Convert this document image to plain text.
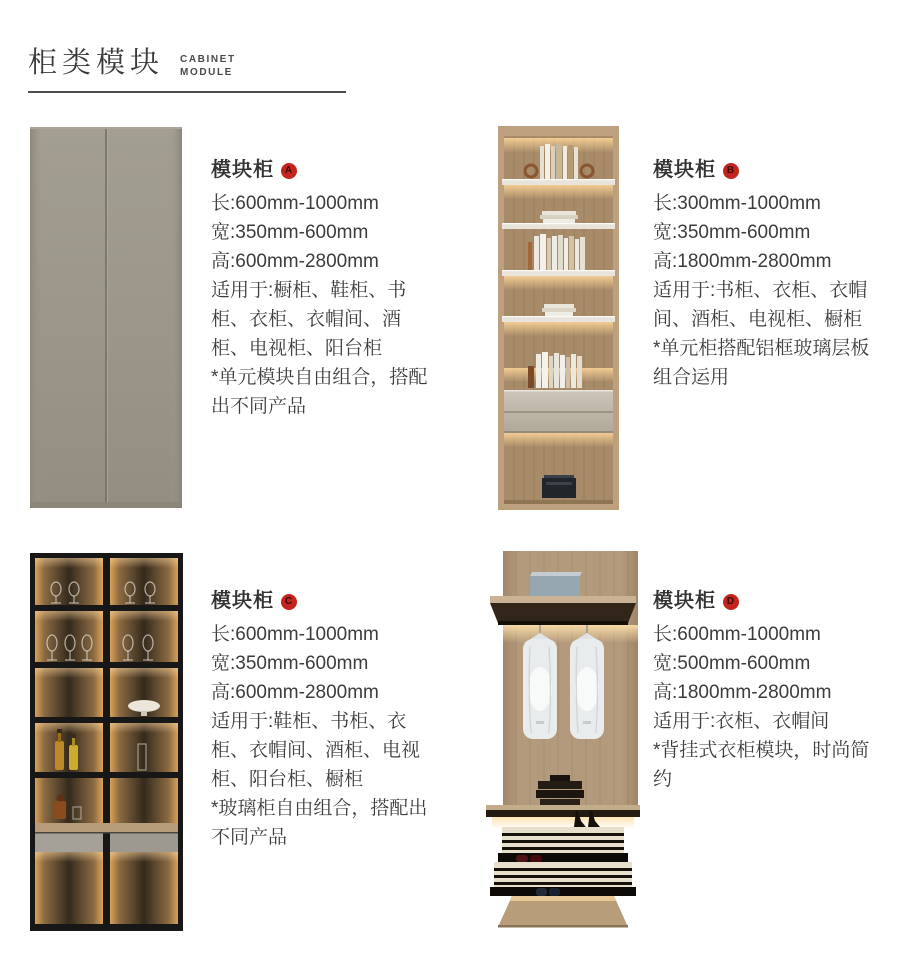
柜类模块 CABINET
MODULE
模块柜	A
长:600mm-1000mm
宽:350mm-600mm
高:600mm-2800mm
适用于:橱柜、鞋柜、书柜、衣柜、衣帽间、酒柜、电视柜、阳台柜
*单元模块自由组合，搭配出不同产品
模块柜	B
长:300mm-1000mm
宽:350mm-600mm
高:1800mm-2800mm
适用于:书柜、衣柜、衣帽间、酒柜、电视柜、橱柜
*单元柜搭配铝框玻璃层板组合运用
模块柜	C
长:600mm-1000mm
宽:350mm-600mm
高:600mm-2800mm
适用于:鞋柜、书柜、衣柜、衣帽间、酒柜、电视柜、阳台柜、橱柜
*玻璃柜自由组合，搭配出不同产品
模块柜	D
长:600mm-1000mm
宽:500mm-600mm
高:1800mm-2800mm
适用于:衣柜、衣帽间
*背挂式衣柜模块，时尚简约
